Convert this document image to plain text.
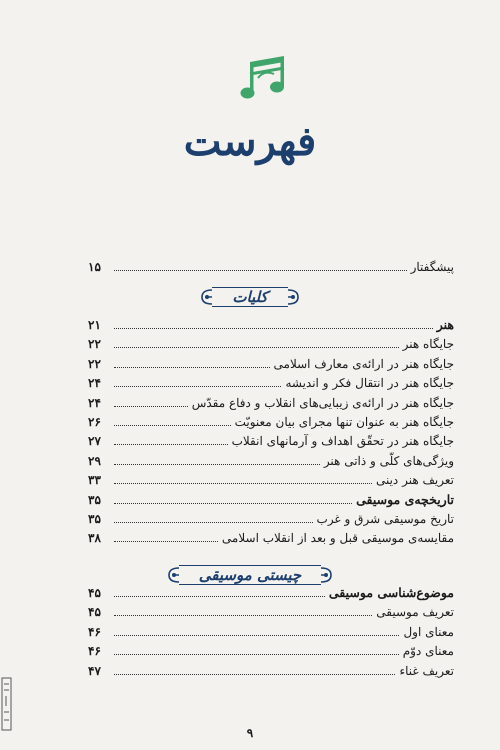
فهرست
پیشگفتار
۱۵
کلیات
هنر
۲۱
جایگاه هنر
۲۲
جایگاه هنر در ارائه‌ی معارف اسلامی
۲۲
جایگاه هنر در انتقال فکر و اندیشه
۲۴
جایگاه هنر در ارائه‌ی زیبایی‌های انقلاب و دفاع مقدّس
۲۴
جایگاه هنر به عنوان تنها مجرای بیان معنویّت
۲۶
جایگاه هنر در تحقّق اهداف و آرمانهای انقلاب
۲۷
ویژگی‌های کلّی و ذاتی هنر
۲۹
تعریف هنر دینی
۳۳
تاریخچه‌ی موسیقی
۳۵
تاریخ موسیقی شرق و غرب
۳۵
مقایسه‌ی موسیقی قبل و بعد از انقلاب اسلامی
۳۸
چیستی موسیقی
موضوع‌شناسی موسیقی
۴۵
تعریف موسیقی
۴۵
معنای اول
۴۶
معنای دوّم
۴۶
تعریف غناء
۴۷
۹
